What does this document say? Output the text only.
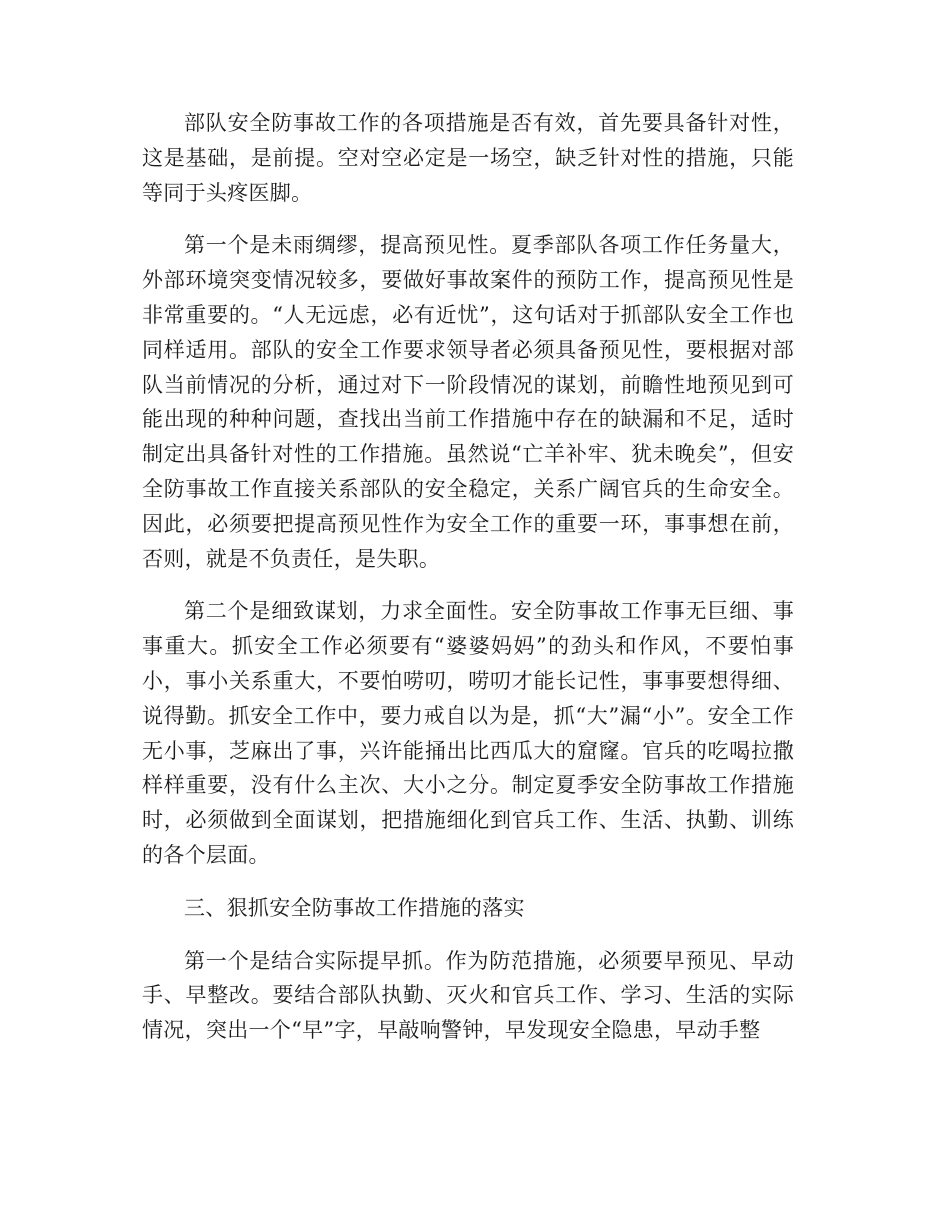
部队安全防事故工作的各项措施是否有效，首先要具备针对性，这是基础，是前提。空对空必定是一场空，缺乏针对性的措施，只能等同于头疼医脚。

第一个是未雨绸缪，提高预见性。夏季部队各项工作任务量大，外部环境突变情况较多，要做好事故案件的预防工作，提高预见性是非常重要的。“人无远虑，必有近忧”，这句话对于抓部队安全工作也同样适用。部队的安全工作要求领导者必须具备预见性，要根据对部队当前情况的分析，通过对下一阶段情况的谋划，前瞻性地预见到可能出现的种种问题，查找出当前工作措施中存在的缺漏和不足，适时制定出具备针对性的工作措施。虽然说“亡羊补牢、犹未晚矣”，但安全防事故工作直接关系部队的安全稳定，关系广阔官兵的生命安全。因此，必须要把提高预见性作为安全工作的重要一环，事事想在前，否则，就是不负责任，是失职。

第二个是细致谋划，力求全面性。安全防事故工作事无巨细、事事重大。抓安全工作必须要有“婆婆妈妈”的劲头和作风，不要怕事小，事小关系重大，不要怕唠叨，唠叨才能长记性，事事要想得细、说得勤。抓安全工作中，要力戒自以为是，抓“大”漏“小”。安全工作无小事，芝麻出了事，兴许能捅出比西瓜大的窟窿。官兵的吃喝拉撒样样重要，没有什么主次、大小之分。制定夏季安全防事故工作措施时，必须做到全面谋划，把措施细化到官兵工作、生活、执勤、训练的各个层面。

三、狠抓安全防事故工作措施的落实

第一个是结合实际提早抓。作为防范措施，必须要早预见、早动手、早整改。要结合部队执勤、灭火和官兵工作、学习、生活的实际情况，突出一个“早”字，早敲响警钟，早发现安全隐患，早动手整
